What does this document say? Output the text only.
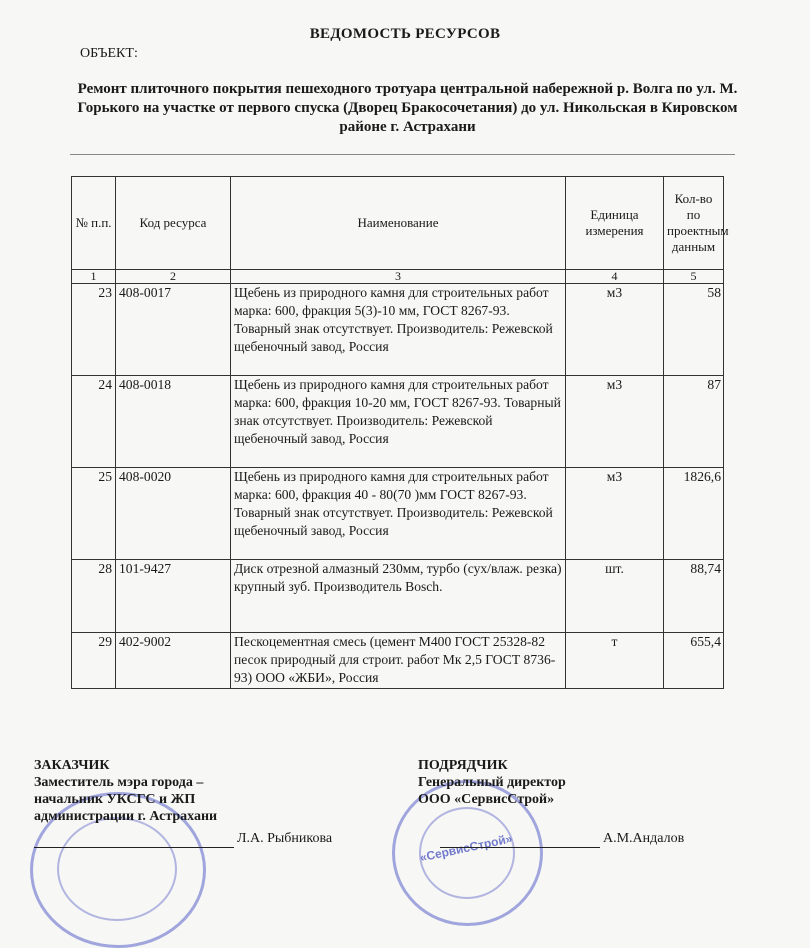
ВЕДОМОСТЬ РЕСУРСОВ
ОБЪЕКТ:
Ремонт плиточного покрытия пешеходного тротуара центральной набережной р. Волга по ул. М. Горького на участке от первого спуска (Дворец Бракосочетания) до ул. Никольская в Кировском районе г. Астрахани
№ п.п.	Код ресурса	Наименование	Единица измерения	Кол-во по проектным данным
1	2	3	4	5
23	408-0017	Щебень из природного камня для строительных работ марка: 600, фракция 5(3)-10 мм, ГОСТ 8267-93. Товарный знак отсутствует. Производитель: Режевской щебеночный завод, Россия	м3	58
24	408-0018	Щебень из природного камня для строительных работ марка: 600, фракция 10-20 мм, ГОСТ 8267-93. Товарный знак отсутствует. Производитель: Режевской щебеночный завод, Россия	м3	87
25	408-0020	Щебень из природного камня для строительных работ марка: 600, фракция 40 - 80(70 )мм ГОСТ 8267-93. Товарный знак отсутствует. Производитель: Режевской щебеночный завод, Россия	м3	1826,6
28	101-9427	Диск отрезной алмазный 230мм, турбо (сух/влаж. резка) крупный зуб. Производитель Bosch.	шт.	88,74
29	402-9002	Пескоцементная смесь (цемент М400 ГОСТ 25328-82 песок природный для строит. работ Мк 2,5 ГОСТ 8736-93) ООО «ЖБИ», Россия	т	655,4
«СервисСтрой»
ЗАКАЗЧИК
Заместитель мэра города –
начальник УКСГС и ЖП
администрации г. Астрахани
Л.А. Рыбникова
ПОДРЯДЧИК
Генеральный директор
ООО «СервисСтрой»
А.М.Андалов
